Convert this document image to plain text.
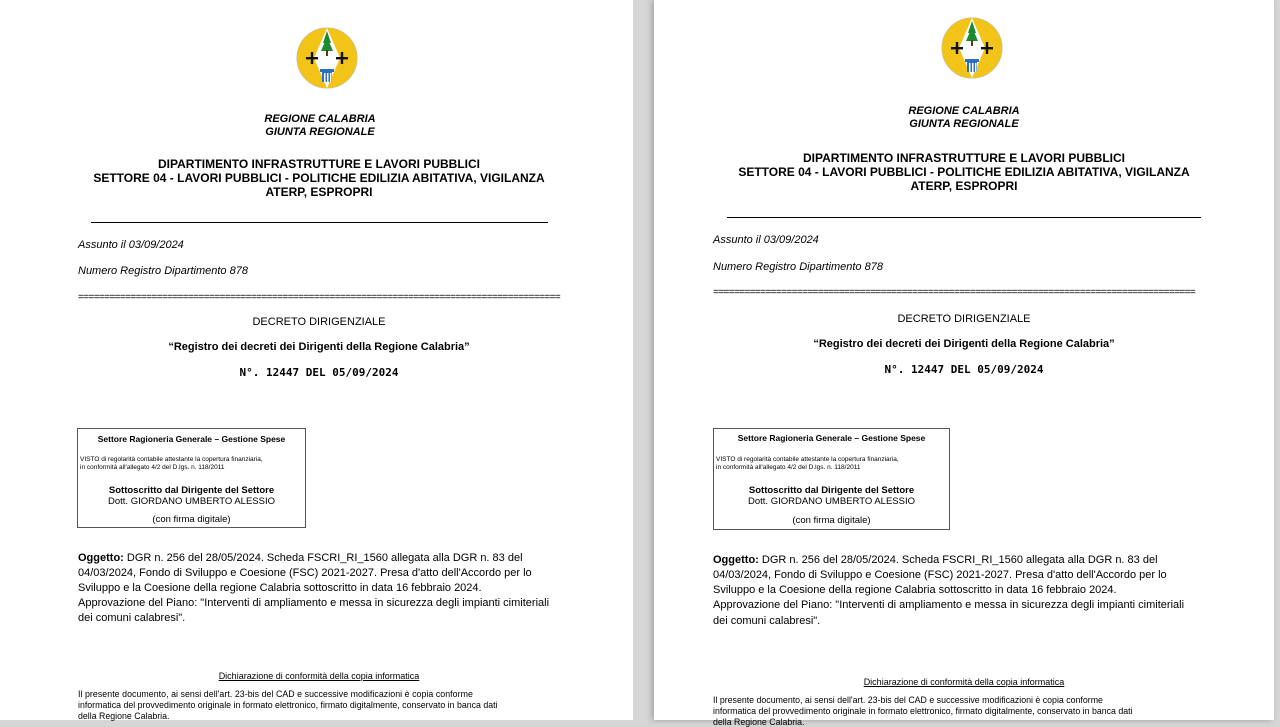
REGIONE CALABRIA
GIUNTA REGIONALE
DIPARTIMENTO INFRASTRUTTURE E LAVORI PUBBLICI
SETTORE 04 - LAVORI PUBBLICI - POLITICHE EDILIZIA ABITATIVA, VIGILANZA
ATERP, ESPROPRI
Assunto il 03/09/2024
Numero Registro Dipartimento 878
============================================================================================
DECRETO DIRIGENZIALE
“Registro dei decreti dei Dirigenti della Regione Calabria”
N°. 12447 DEL 05/09/2024
Settore Ragioneria Generale – Gestione Spese
VISTO di regolarità contabile attestante la copertura finanziaria,
in conformità all'allegato 4/2 del D.lgs. n. 118/2011
Sottoscritto dal Dirigente del Settore
Dott. GIORDANO UMBERTO ALESSIO
(con firma digitale)
Oggetto: DGR n. 256 del 28/05/2024. Scheda FSCRI_RI_1560 allegata alla DGR n. 83 del
04/03/2024, Fondo di Sviluppo e Coesione (FSC) 2021-2027. Presa d'atto dell'Accordo per lo
Sviluppo e la Coesione della regione Calabria sottoscritto in data 16 febbraio 2024.
Approvazione del Piano: "Interventi di ampliamento e messa in sicurezza degli impianti cimiteriali
dei comuni calabresi".
Dichiarazione di conformità della copia informatica
Il presente documento, ai sensi dell'art. 23-bis del CAD e successive modificazioni è copia conforme
informatica del provvedimento originale in formato elettronico, firmato digitalmente, conservato in banca dati
della Regione Calabria.
REGIONE CALABRIA
GIUNTA REGIONALE
DIPARTIMENTO INFRASTRUTTURE E LAVORI PUBBLICI
SETTORE 04 - LAVORI PUBBLICI - POLITICHE EDILIZIA ABITATIVA, VIGILANZA
ATERP, ESPROPRI
Assunto il 03/09/2024
Numero Registro Dipartimento 878
============================================================================================
DECRETO DIRIGENZIALE
“Registro dei decreti dei Dirigenti della Regione Calabria”
N°. 12447 DEL 05/09/2024
Settore Ragioneria Generale – Gestione Spese
VISTO di regolarità contabile attestante la copertura finanziaria,
in conformità all'allegato 4/2 del D.lgs. n. 118/2011
Sottoscritto dal Dirigente del Settore
Dott. GIORDANO UMBERTO ALESSIO
(con firma digitale)
Oggetto: DGR n. 256 del 28/05/2024. Scheda FSCRI_RI_1560 allegata alla DGR n. 83 del
04/03/2024, Fondo di Sviluppo e Coesione (FSC) 2021-2027. Presa d'atto dell'Accordo per lo
Sviluppo e la Coesione della regione Calabria sottoscritto in data 16 febbraio 2024.
Approvazione del Piano: "Interventi di ampliamento e messa in sicurezza degli impianti cimiteriali
dei comuni calabresi".
Dichiarazione di conformità della copia informatica
Il presente documento, ai sensi dell'art. 23-bis del CAD e successive modificazioni è copia conforme
informatica del provvedimento originale in formato elettronico, firmato digitalmente, conservato in banca dati
della Regione Calabria.
